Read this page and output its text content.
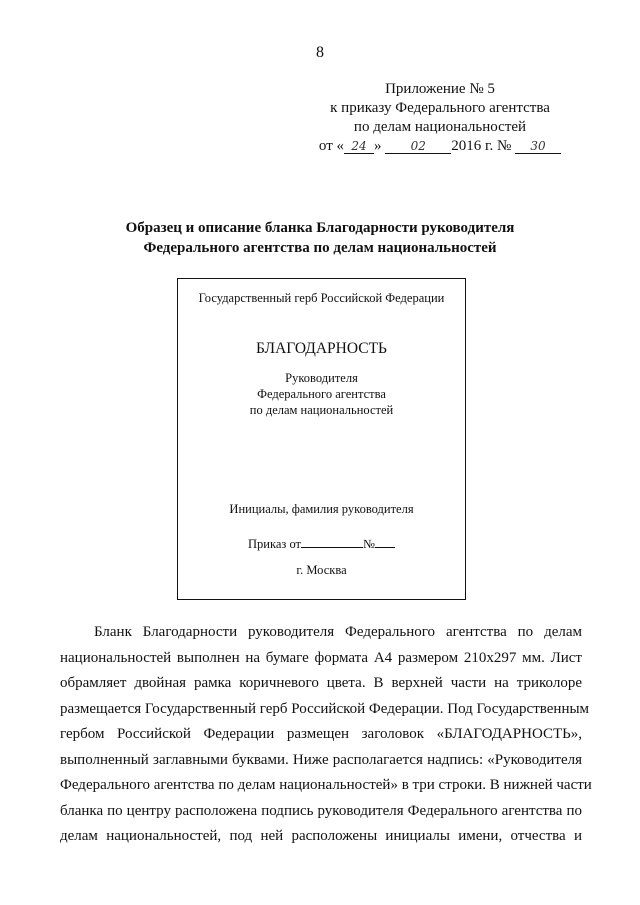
8
Приложение № 5
к приказу Федерального агентства
по делам национальностей
от « 24 » 02 2016 г. № 30
Образец и описание бланка Благодарности руководителя
Федерального агентства по делам национальностей
Государственный герб Российской Федерации
БЛАГОДАРНОСТЬ
Руководителя
Федерального агентства
по делам национальностей
Инициалы, фамилия руководителя
Приказ от	№
г. Москва
Бланк Благодарности руководителя Федерального агентства по делам
национальностей выполнен на бумаге формата А4 размером 210х297 мм. Лист
обрамляет двойная рамка коричневого цвета. В верхней части на триколоре
размещается Государственный герб Российской Федерации. Под Государственным
гербом Российской Федерации размещен заголовок «БЛАГОДАРНОСТЬ»,
выполненный заглавными буквами. Ниже располагается надпись: «Руководителя
Федерального агентства по делам национальностей» в три строки. В нижней части
бланка по центру расположена подпись руководителя Федерального агентства по
делам национальностей, под ней расположены инициалы имени, отчества и
